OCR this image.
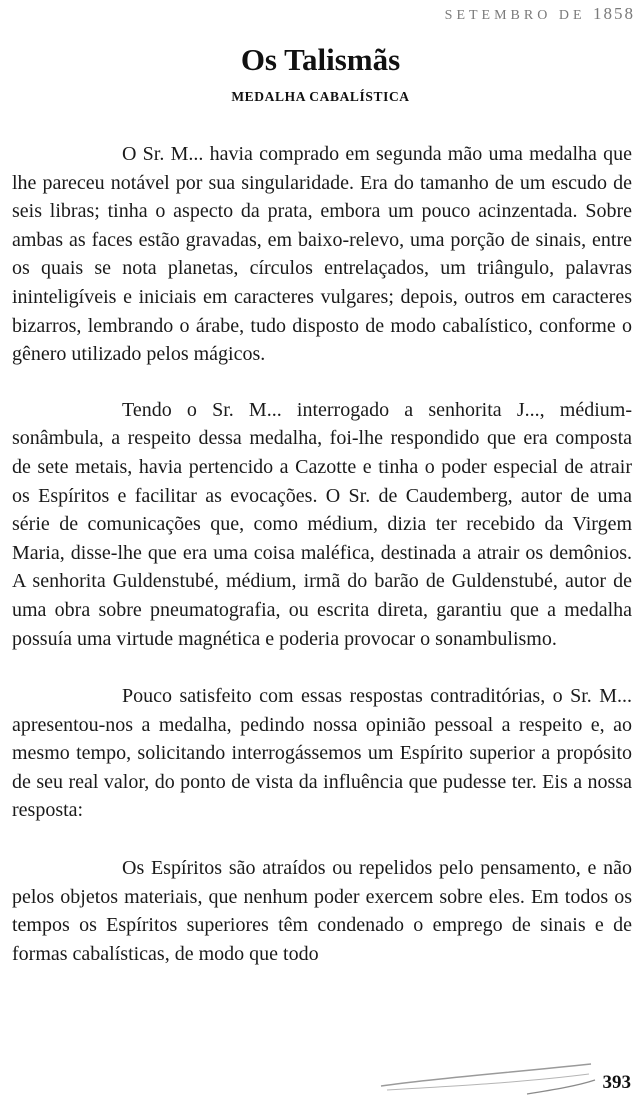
SETEMBRO DE 1858
Os Talismãs
MEDALHA CABALÍSTICA

O Sr. M... havia comprado em segunda mão uma medalha que lhe pareceu notável por sua singularidade. Era do tamanho de um escudo de seis libras; tinha o aspecto da prata, embora um pouco acinzentada. Sobre ambas as faces estão gravadas, em baixo-relevo, uma porção de sinais, entre os quais se nota planetas, círculos entrelaçados, um triângulo, palavras ininteligíveis e iniciais em caracteres vulgares; depois, outros em caracteres bizarros, lembrando o árabe, tudo disposto de modo cabalístico, conforme o gênero utilizado pelos mágicos.

Tendo o Sr. M... interrogado a senhorita J..., médium-sonâmbula, a respeito dessa medalha, foi-lhe respondido que era composta de sete metais, havia pertencido a Cazotte e tinha o poder especial de atrair os Espíritos e facilitar as evocações. O Sr. de Caudemberg, autor de uma série de comunicações que, como médium, dizia ter recebido da Virgem Maria, disse-lhe que era uma coisa maléfica, destinada a atrair os demônios. A senhorita Guldenstubé, médium, irmã do barão de Guldenstubé, autor de uma obra sobre pneumatografia, ou escrita direta, garantiu que a medalha possuía uma virtude magnética e poderia provocar o sonambulismo.

Pouco satisfeito com essas respostas contraditórias, o Sr. M... apresentou-nos a medalha, pedindo nossa opinião pessoal a respeito e, ao mesmo tempo, solicitando interrogássemos um Espírito superior a propósito de seu real valor, do ponto de vista da influência que pudesse ter. Eis a nossa resposta:

Os Espíritos são atraídos ou repelidos pelo pensamento, e não pelos objetos materiais, que nenhum poder exercem sobre eles. Em todos os tempos os Espíritos superiores têm condenado o emprego de sinais e de formas cabalísticas, de modo que todo

393
